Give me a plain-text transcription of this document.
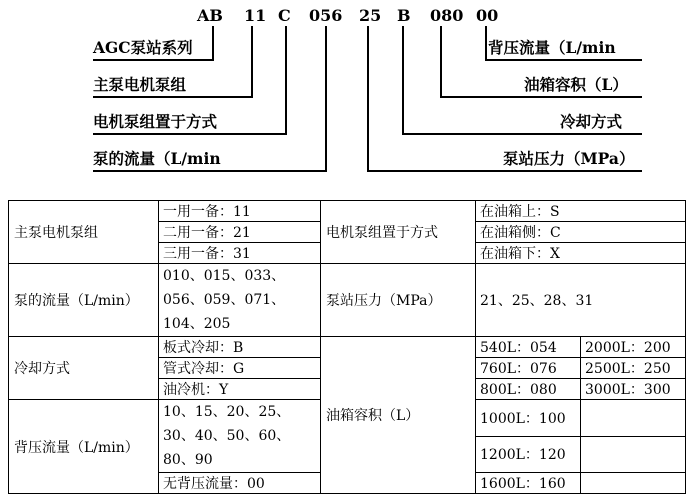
AB 11 C 056 25 B 080 00
AGC泵站系列
主泵电机泵组
电机泵组置于方式
泵的流量（L/min
背压流量（L/min
油箱容积（L）
冷却方式
泵站压力（MPa）
主泵电机泵组	一用一备：11	电机泵组置于方式	在油箱上：S	
	二用一备：21		在油箱侧：C	
	三用一备：31		在油箱下：X	
泵的流量（L/min）	010、015、033、056、059、071、104、205	泵站压力（MPa）	21、25、28、31	
冷却方式	板式冷却：B	油箱容积（L）	540L：054	2000L：200
	管式冷却：G		760L：076	2500L：250
	油冷机：Y		800L：080	3000L：300
背压流量（L/min）	10、15、20、25、30、40、50、60、80、90		1000L：100	
			1200L：120	
	无背压流量：00		1600L：160	
